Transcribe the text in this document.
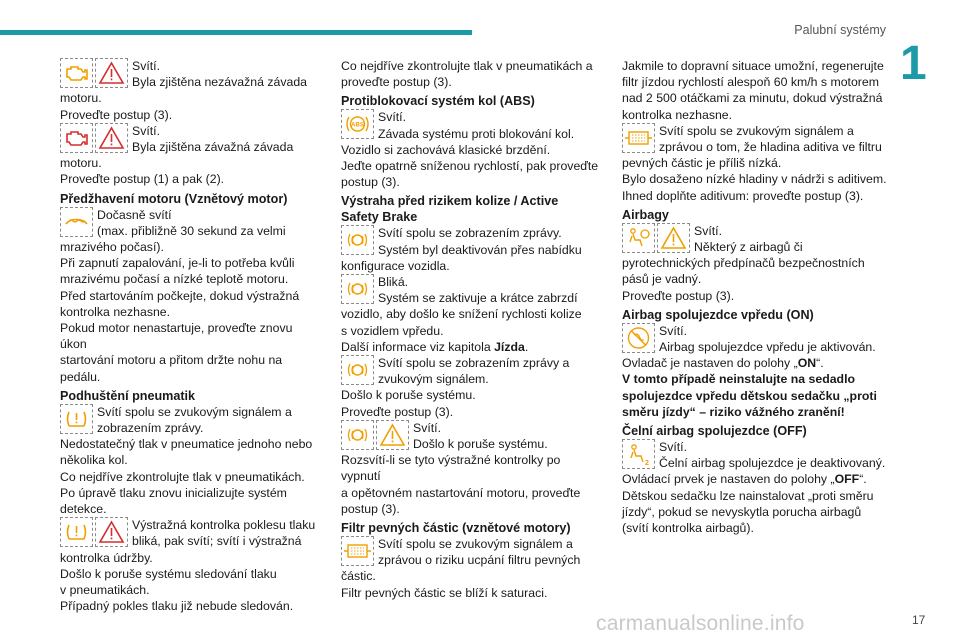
Palubní systémy
1
Svítí.
Byla zjištěna nezávažná závada
motoru.
Proveďte postup (3).
Svítí.
Byla zjištěna závažná závada
motoru.
Proveďte postup (1) a pak (2).
Předžhavení motoru (Vznětový motor)
Dočasně svítí
(max. přibližně 30 sekund za velmi
mrazivého počasí).
Při zapnutí zapalování, je-li to potřeba kvůli
mrazivému počasí a nízké teplotě motoru.
Před startováním počkejte, dokud výstražná
kontrolka nezhasne.
Pokud motor nenastartuje, proveďte znovu úkon
startování motoru a přitom držte nohu na pedálu.
Podhuštění pneumatik
Svítí spolu se zvukovým signálem a
zobrazením zprávy.
Nedostatečný tlak v pneumatice jednoho nebo
několika kol.
Co nejdříve zkontrolujte tlak v pneumatikách.
Po úpravě tlaku znovu inicializujte systém
detekce.
Výstražná kontrolka poklesu tlaku
bliká, pak svítí; svítí i výstražná
kontrolka údržby.
Došlo k poruše systému sledování tlaku
v pneumatikách.
Případný pokles tlaku již nebude sledován.
Co nejdříve zkontrolujte tlak v pneumatikách a
proveďte postup (3).
Protiblokovací systém kol (ABS)
ABS
Svítí.
Závada systému proti blokování kol.
Vozidlo si zachovává klasické brzdění.
Jeďte opatrně sníženou rychlostí, pak proveďte
postup (3).
Výstraha před rizikem kolize / Active
Safety Brake
Svítí spolu se zobrazením zprávy.
Systém byl deaktivován přes nabídku
konfigurace vozidla.
Bliká.
Systém se zaktivuje a krátce zabrzdí
vozidlo, aby došlo ke snížení rychlosti kolize
s vozidlem vpředu.
Další informace viz kapitola Jízda.
Svítí spolu se zobrazením zprávy a
zvukovým signálem.
Došlo k poruše systému.
Proveďte postup (3).
Svítí.
Došlo k poruše systému.
Rozsvítí-li se tyto výstražné kontrolky po vypnutí
a opětovném nastartování motoru, proveďte
postup (3).
Filtr pevných částic (vznětové motory)
Svítí spolu se zvukovým signálem a
zprávou o riziku ucpání filtru pevných
částic.
Filtr pevných částic se blíží k saturaci.
Jakmile to dopravní situace umožní, regenerujte
filtr jízdou rychlostí alespoň 60 km/h s motorem
nad 2 500 otáčkami za minutu, dokud výstražná
kontrolka nezhasne.
Svítí spolu se zvukovým signálem a
zprávou o tom, že hladina aditiva ve filtru
pevných částic je příliš nízká.
Bylo dosaženo nízké hladiny v nádrži s aditivem.
Ihned doplňte aditivum: proveďte postup (3).
Airbagy
Svítí.
Některý z airbagů či
pyrotechnických předpínačů bezpečnostních
pásů je vadný.
Proveďte postup (3).
Airbag spolujezdce vpředu (ON)
Svítí.
Airbag spolujezdce vpředu je aktivován.
Ovladač je nastaven do polohy „ON“.
V tomto případě neinstalujte na sedadlo
spolujezdce vpředu dětskou sedačku „proti
směru jízdy“ – riziko vážného zranění!
Čelní airbag spolujezdce (OFF)
2
Svítí.
Čelní airbag spolujezdce je deaktivovaný.
Ovládací prvek je nastaven do polohy „OFF“.
Dětskou sedačku lze nainstalovat „proti směru
jízdy“, pokud se nevyskytla porucha airbagů
(svítí kontrolka airbagů).
carmanualsonline.info	17
